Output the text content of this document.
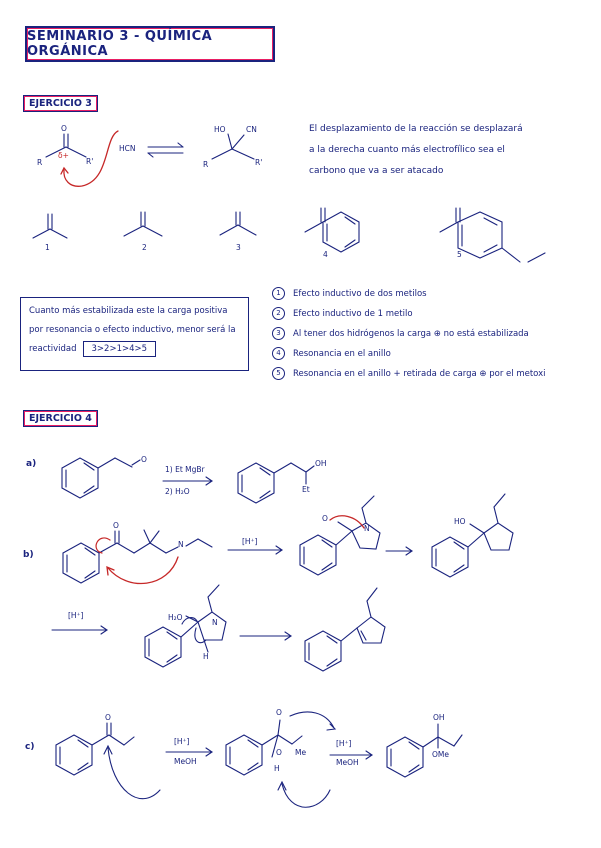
SEMINARIO 3 - QUÍMICA ORGÁNICA
EJERCICIO 3
O
δ+
R	R'
HCN
HO	CN
R	R'
El desplazamiento de la reacción se desplazará
a la derecha cuanto más electrofílico sea el
carbono que va a ser atacado
1	2	3
4	5
Cuanto más estabilizada este la carga positiva
por resonancia o efecto inductivo, menor será la
reactividad 3>2>1>4>5
1 Efecto inductivo de dos metilos
2 Efecto inductivo de 1 metilo
3 Al tener dos hidrógenos la carga ⊕ no está estabilizada
4 Resonancia en el anillo
5 Resonancia en el anillo + retirada de carga ⊕ por el metoxi
EJERCICIO 4
a)	O
1) Et MgBr
2) H₂O
OH
Et
b)
O
N	[H⁺]
O
N
HO
[H⁺]	H₂O
N
H
c)
O
[H⁺]
MeOH
O
O Me
H
[H⁺]
MeOH
OH
OMe
